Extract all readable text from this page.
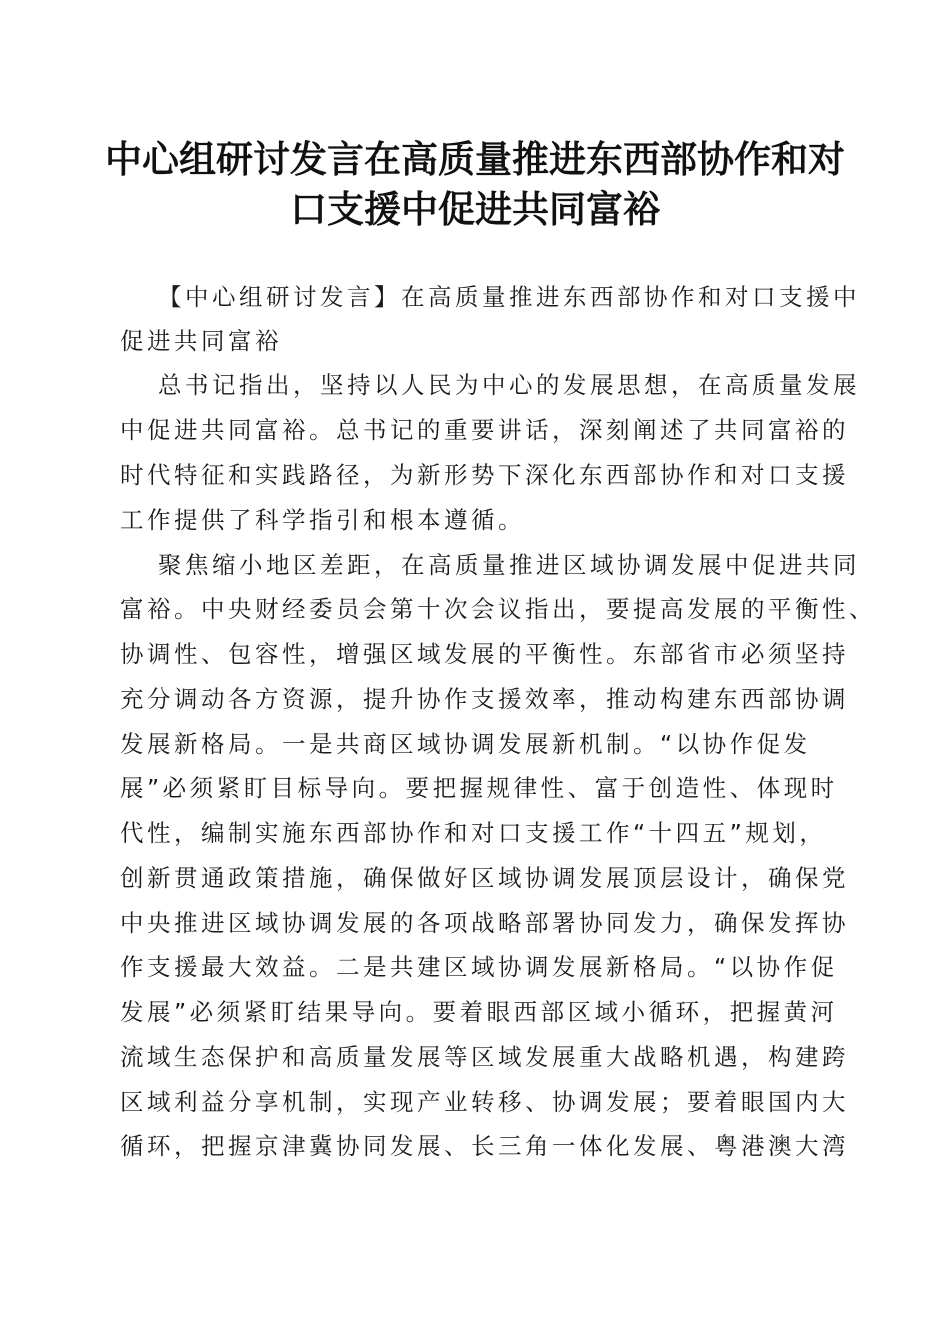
中心组研讨发言在高质量推进东西部协作和对
口支援中促进共同富裕

【中心组研讨发言】在高质量推进东西部协作和对口支援中

促进共同富裕

总书记指出，坚持以人民为中心的发展思想，在高质量发展

中促进共同富裕。总书记的重要讲话，深刻阐述了共同富裕的

时代特征和实践路径，为新形势下深化东西部协作和对口支援

工作提供了科学指引和根本遵循。

聚焦缩小地区差距，在高质量推进区域协调发展中促进共同

富裕。中央财经委员会第十次会议指出，要提高发展的平衡性、

协调性、包容性，增强区域发展的平衡性。东部省市必须坚持

充分调动各方资源，提升协作支援效率，推动构建东西部协调

发展新格局。一是共商区域协调发展新机制。“以协作促发

展”必须紧盯目标导向。要把握规律性、富于创造性、体现时

代性，编制实施东西部协作和对口支援工作“十四五”规划，

创新贯通政策措施，确保做好区域协调发展顶层设计，确保党

中央推进区域协调发展的各项战略部署协同发力，确保发挥协

作支援最大效益。二是共建区域协调发展新格局。“以协作促

发展”必须紧盯结果导向。要着眼西部区域小循环，把握黄河

流域生态保护和高质量发展等区域发展重大战略机遇，构建跨

区域利益分享机制，实现产业转移、协调发展；要着眼国内大

循环，把握京津冀协同发展、长三角一体化发展、粤港澳大湾
